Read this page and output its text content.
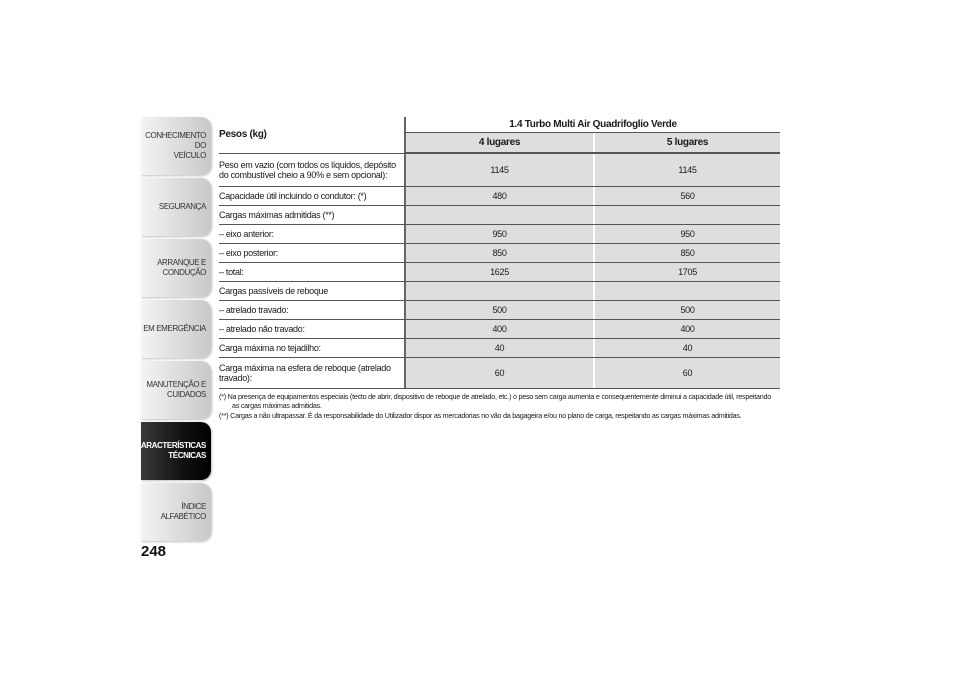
CONHECIMENTO DO
VEÍCULO
SEGURANÇA
ARRANQUE E
CONDUÇÃO
EM EMERGÊNCIA
MANUTENÇÃO E
CUIDADOS
CARACTERÍSTICAS
TÉCNICAS
ÍNDICE ALFABÉTICO
248
Pesos (kg)
1.4 Turbo Multi Air Quadrifoglio Verde
4 lugares	5 lugares
Peso em vazio (com todos os líquidos, depósito do combustível cheio a 90% e sem opcional):	1145	1145
Capacidade útil incluindo o condutor: (*)	480	560
Cargas máximas admitidas (**)
– eixo anterior:	950	950
– eixo posterior:	850	850
– total:	1625	1705
Cargas passíveis de reboque
– atrelado travado:	500	500
– atrelado não travado:	400	400
Carga máxima no tejadilho:	40	40
Carga máxima na esfera de reboque (atrelado travado):	60	60
(*) Na presença de equipamentos especiais (tecto de abrir, dispositivo de reboque de atrelado, etc.) o peso sem carga aumenta e consequentemente diminui a capacidade útil, respeitando as cargas máximas admitidas.
(**) Cargas a não ultrapassar. É da responsabilidade do Utilizador dispor as mercadorias no vão da bagageira e/ou no plano de carga, respeitando as cargas máximas admitidas.
